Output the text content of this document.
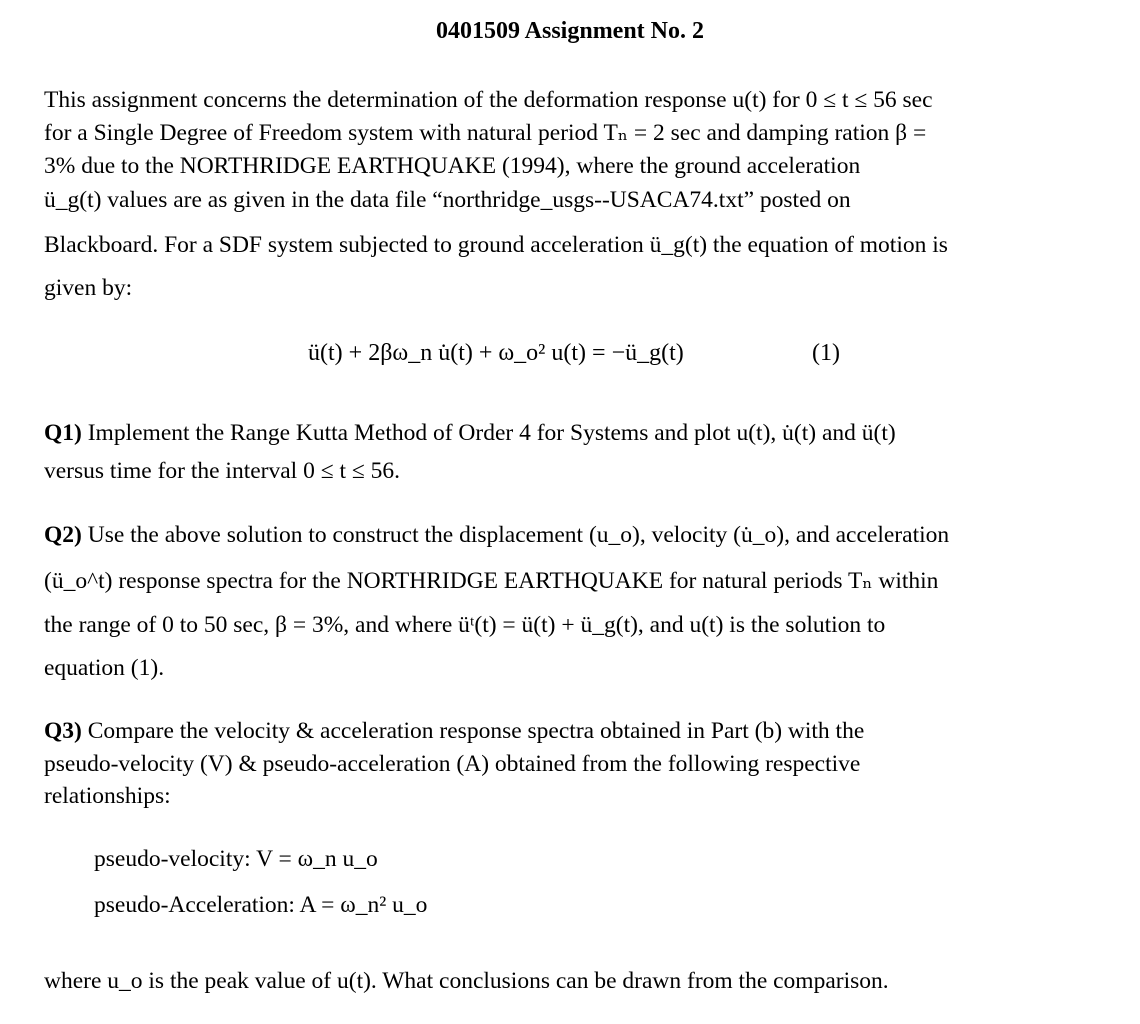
0401509 Assignment No. 2

This assignment concerns the determination of the deformation response u(t) for 0 ≤ t ≤ 56 sec

for a Single Degree of Freedom system with natural period Tₙ = 2 sec and damping ration β =

3% due to the NORTHRIDGE EARTHQUAKE (1994), where the ground acceleration

ü_g(t) values are as given in the data file “northridge_usgs--USACA74.txt” posted on

Blackboard. For a SDF system subjected to ground acceleration ü_g(t) the equation of motion is

given by:

ü(t) + 2βω_n u̇(t) + ω_o² u(t) = −ü_g(t)	(1)

Q1) Implement the Range Kutta Method of Order 4 for Systems and plot u(t), u̇(t) and ü(t)

versus time for the interval 0 ≤ t ≤ 56.

Q2) Use the above solution to construct the displacement (u_o), velocity (u̇_o), and acceleration

(ü_o^t) response spectra for the NORTHRIDGE EARTHQUAKE for natural periods Tₙ within

the range of 0 to 50 sec, β = 3%, and where üᵗ(t) = ü(t) + ü_g(t), and u(t) is the solution to

equation (1).

Q3) Compare the velocity & acceleration response spectra obtained in Part (b) with the

pseudo-velocity (V) & pseudo-acceleration (A) obtained from the following respective

relationships:

pseudo-velocity: V = ω_n u_o
pseudo-Acceleration: A = ω_n² u_o

where u_o is the peak value of u(t). What conclusions can be drawn from the comparison.
